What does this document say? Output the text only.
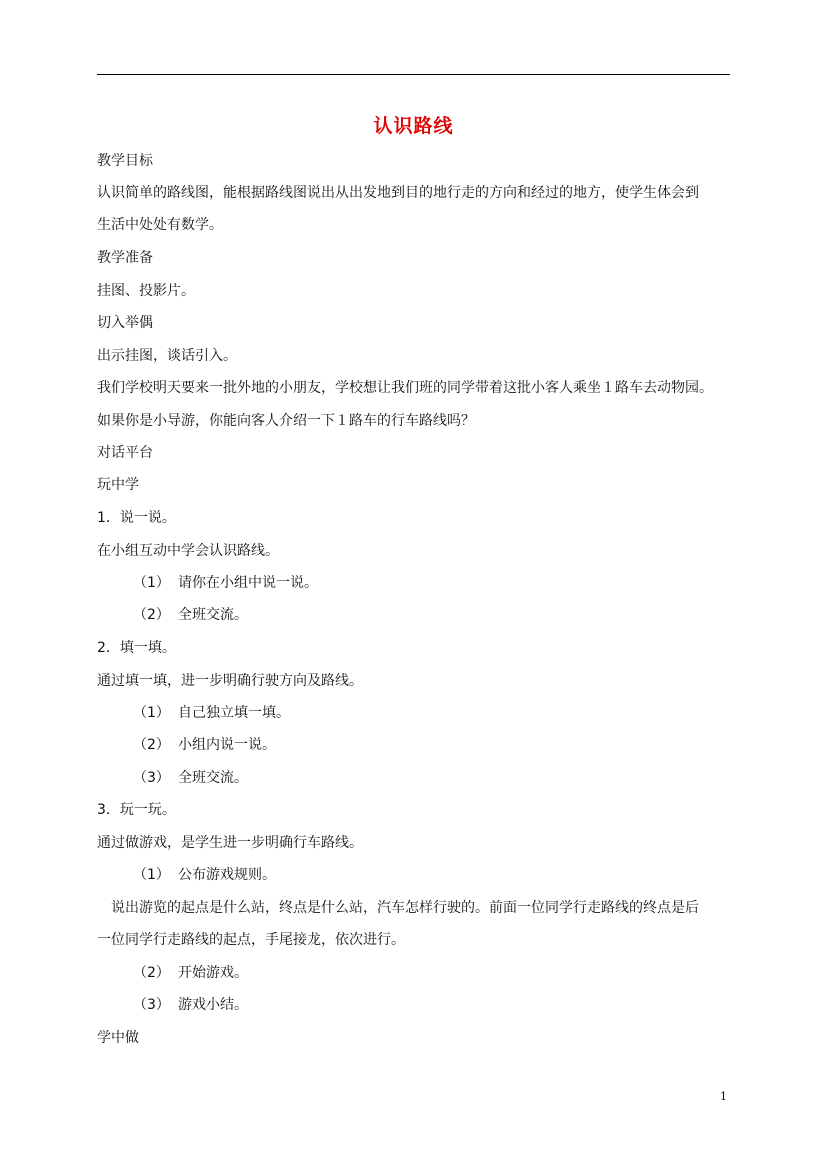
认识路线
教学目标
认识简单的路线图，能根据路线图说出从出发地到目的地行走的方向和经过的地方，使学生体会到
生活中处处有数学。
教学准备
挂图、投影片。
切入举偶
出示挂图，谈话引入。
我们学校明天要来一批外地的小朋友，学校想让我们班的同学带着这批小客人乘坐１路车去动物园。
如果你是小导游，你能向客人介绍一下１路车的行车路线吗？
对话平台
玩中学
1．说一说。
在小组互动中学会认识路线。
（1） 请你在小组中说一说。
（2） 全班交流。
2．填一填。
通过填一填，进一步明确行驶方向及路线。
（1） 自己独立填一填。
（2） 小组内说一说。
（3） 全班交流。
3．玩一玩。
通过做游戏，是学生进一步明确行车路线。
（1） 公布游戏规则。
说出游览的起点是什么站，终点是什么站，汽车怎样行驶的。前面一位同学行走路线的终点是后
一位同学行走路线的起点，手尾接龙，依次进行。
（2） 开始游戏。
（3） 游戏小结。
学中做
1
